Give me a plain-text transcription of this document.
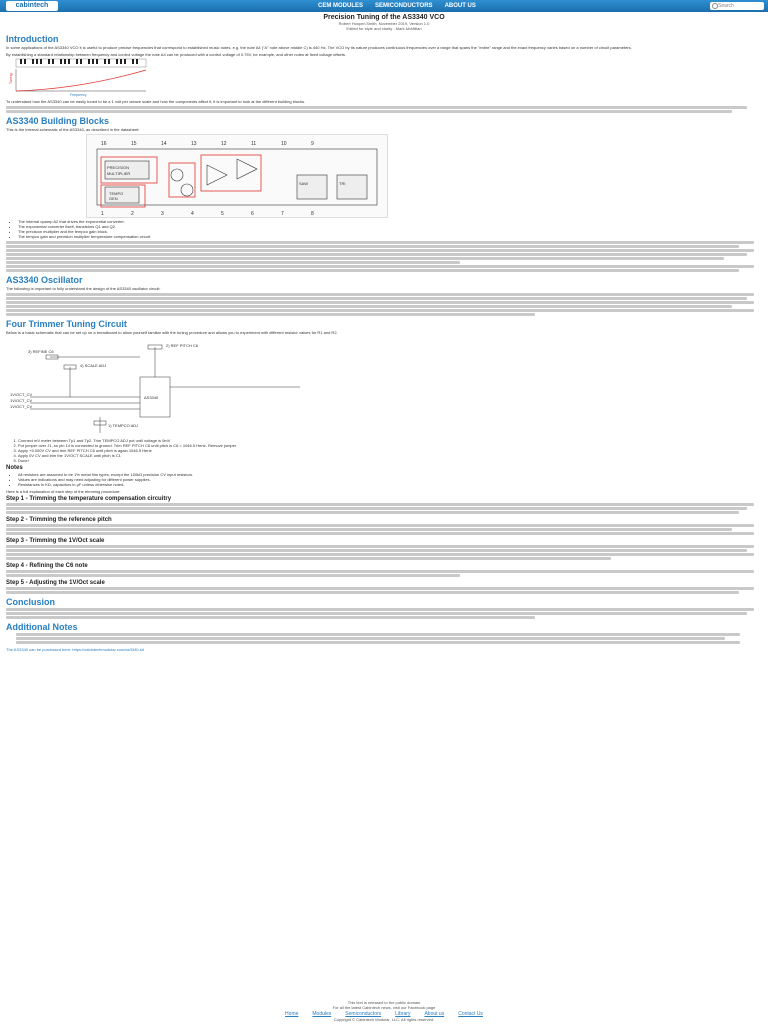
cabintech	CEM MODULES SEMICONDUCTORS ABOUT US	Search
Precision Tuning of the AS3340 VCO
Robert Hooper-Smith, November 2019, Version 1.0
Edited for style and clarity - Mark McMillan
Introduction

In some applications of the AS3340 VCO it is useful to produce precise frequencies that correspond to established music notes, e.g. the note A4 ("A" note above middle C) is 440 Hz. The VCO by its nature produces continuous frequencies over a range that spans the "entire" range and the exact frequency varies based on a number of circuit parameters.

By establishing a standard relationship between frequency and control voltage the note A4 can be produced with a control voltage of 0.75V, for example, and other notes at fixed voltage offsets.

Tuning
Frequency

To understand how the AS3340 can be easily tuned to be a 1 volt per octave scale and how the components affect it, it is important to look at the different building blocks.

AS3340 Building Blocks

This is the internal schematic of the AS3340, as described in the datasheet:

PRECISION
MULTIPLIER
TEMPO
GEN
SAW	TRI
16	15	14	13	12	11	10	9
1	2	3	4	5	6	7	8
• The internal opamp A2 that drives the exponential converter.
• The exponential converter itself, transistors Q1 and Q2.
• The precision multiplier and the tempco gain block.
• The tempco gain and precision multiplier temperature compensation circuit.
AS3340 Oscillator

The following is important to fully understand the design of the AS3340 oscillator circuit:

Four Trimmer Tuning Circuit

Below is a basic schematic that can be set up on a breadboard to allow yourself familiar with the tuning procedure and allows you to experiment with different resistor values for R1 and R2.

2) REF PITCH C6
3) REFINE C6
4) SCALE ADJ
1) TEMPCO ADJ
AS3340
1V/OCT_CV
1V/OCT_CV
1V/OCT_CV
1. Connect mV meter between Tp1 and Tp2. Trim TEMPCO ADJ pot until voltage is 0mV
2. Put jumper over J1, so pin 14 is connected to ground. Trim REF PITCH C6 until pitch is C6 = 1046.5 Hertz. Remove jumper
3. Apply +5.000V CV and trim REF PITCH C6 until pitch is again 1046.5 Hertz
4. Apply 0V CV and trim the 1V/OCT SCALE until pitch is C1
5. Done!
Notes
• All resistors are assumed to be 1% metal film types, except the 100kΩ precision CV input resistors.
• Values are indications and may need adjusting for different power supplies.
• Resistances in KΩ, capacitors in μF unless otherwise noted.

Here is a full explanation of each step of the trimming procedure:

Step 1 - Trimming the temperature compensation circuitry
Step 2 - Trimming the reference pitch
Step 3 - Trimming the 1V/Oct scale
Step 4 - Refining the C6 note
Step 5 - Adjusting the 1V/Oct scale
Conclusion
Additional Notes

The AS3340 can be purchased here: https://cabintechmodular.com/as3340-kit

This text is released to the public domain
For all the latest Cabintech news, visit our Facebook page
Home	Modules	Semiconductors	Library	About us	Contact Us
Copyright © Cabintech Modular, LLC. All rights reserved.
